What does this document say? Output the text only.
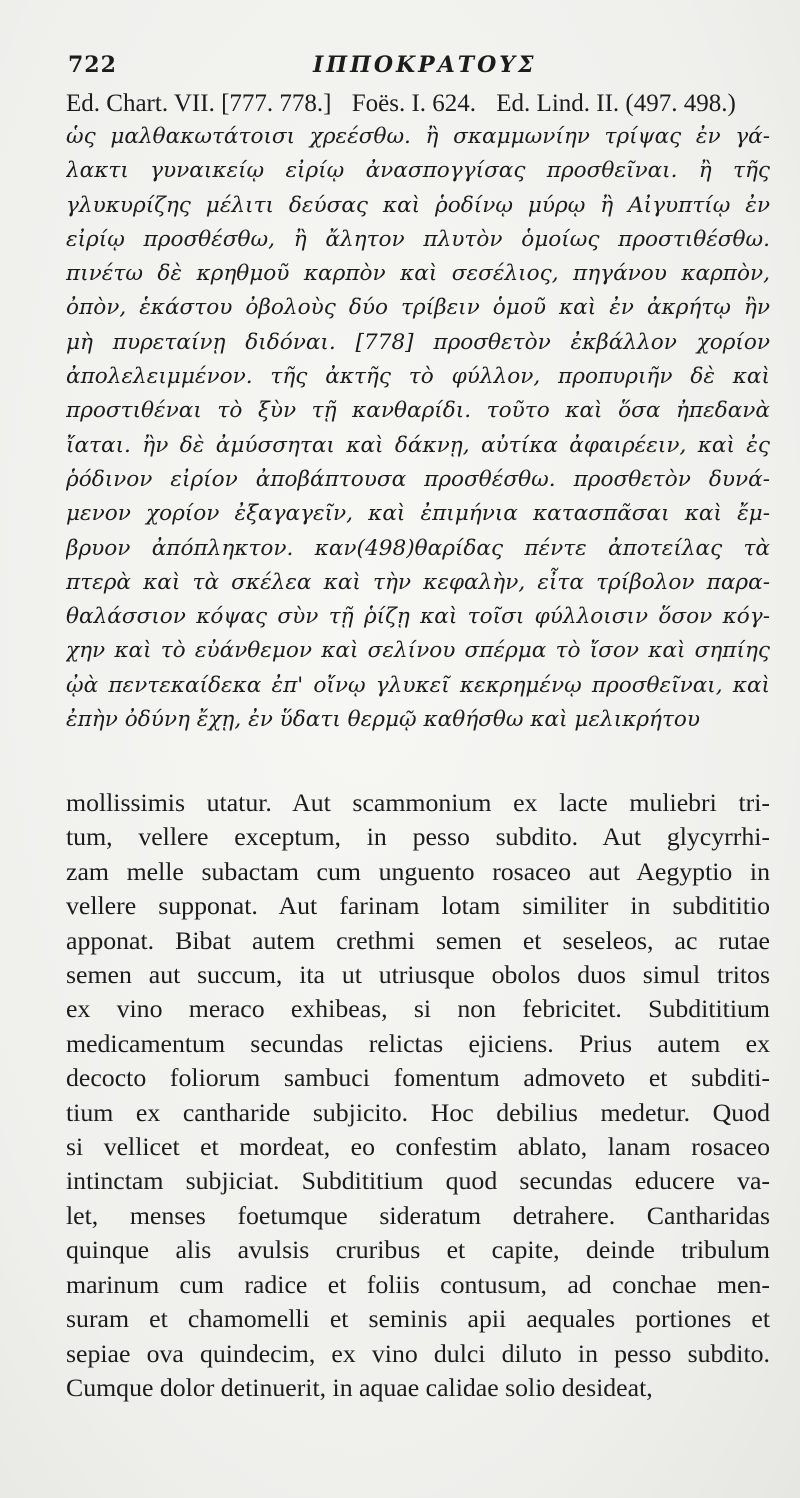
722	ΙΠΠΟΚΡΑΤΟΥΣ
Ed. Chart. VII. [777. 778.] Foës. I. 624. Ed. Lind. II. (497. 498.)
ὡς μαλθακωτάτοισι χρεέσθω. ἢ σκαμμωνίην τρίψας ἐν γά-
λακτι γυναικείῳ εἰρίῳ ἀνασπογγίσας προσθεῖναι. ἢ τῆς
γλυκυρίζης μέλιτι δεύσας καὶ ῥοδίνῳ μύρῳ ἢ Αἰγυπτίῳ ἐν
εἰρίῳ προσθέσθω, ἢ ἄλητον πλυτὸν ὁμοίως προστιθέσθω.
πινέτω δὲ κρηθμοῦ καρπὸν καὶ σεσέλιος, πηγάνου καρπὸν,
ὀπὸν, ἑκάστου ὀβολοὺς δύο τρίβειν ὁμοῦ καὶ ἐν ἀκρήτῳ ἢν
μὴ πυρεταίνῃ διδόναι. [778] προσθετὸν ἐκβάλλον χορίον
ἀπολελειμμένον. τῆς ἀκτῆς τὸ φύλλον, προπυριῆν δὲ καὶ
προστιθέναι τὸ ξὺν τῇ κανθαρίδι. τοῦτο καὶ ὅσα ἠπεδανὰ
ἴαται. ἢν δὲ ἀμύσσηται καὶ δάκνῃ, αὐτίκα ἀφαιρέειν, καὶ ἐς
ῥόδινον εἰρίον ἀποβάπτουσα προσθέσθω. προσθετὸν δυνά-
μενον χορίον ἐξαγαγεῖν, καὶ ἐπιμήνια κατασπᾶσαι καὶ ἔμ-
βρυον ἀπόπληκτον. καν(498)θαρίδας πέντε ἀποτείλας τὰ
πτερὰ καὶ τὰ σκέλεα καὶ τὴν κεφαλὴν, εἶτα τρίβολον παρα-
θαλάσσιον κόψας σὺν τῇ ῥίζῃ καὶ τοῖσι φύλλοισιν ὅσον κόγ-
χην καὶ τὸ εὐάνθεμον καὶ σελίνου σπέρμα τὸ ἴσον καὶ σηπίης
ᾠὰ πεντεκαίδεκα ἐπ' οἴνῳ γλυκεῖ κεκρημένῳ προσθεῖναι, καὶ
ἐπὴν ὀδύνη ἔχῃ, ἐν ὕδατι θερμῷ καθήσθω καὶ μελικρήτου
mollissimis utatur. Aut scammonium ex lacte muliebri tri-
tum, vellere exceptum, in pesso subdito. Aut glycyrrhi-
zam melle subactam cum unguento rosaceo aut Aegyptio in
vellere supponat. Aut farinam lotam similiter in subdititio
apponat. Bibat autem crethmi semen et seseleos, ac rutae
semen aut succum, ita ut utriusque obolos duos simul tritos
ex vino meraco exhibeas, si non febricitet. Subdititium
medicamentum secundas relictas ejiciens. Prius autem ex
decocto foliorum sambuci fomentum admoveto et subditi-
tium ex cantharide subjicito. Hoc debilius medetur. Quod
si vellicet et mordeat, eo confestim ablato, lanam rosaceo
intinctam subjiciat. Subdititium quod secundas educere va-
let, menses foetumque sideratum detrahere. Cantharidas
quinque alis avulsis cruribus et capite, deinde tribulum
marinum cum radice et foliis contusum, ad conchae men-
suram et chamomelli et seminis apii aequales portiones et
sepiae ova quindecim, ex vino dulci diluto in pesso subdito.
Cumque dolor detinuerit, in aquae calidae solio desideat,
